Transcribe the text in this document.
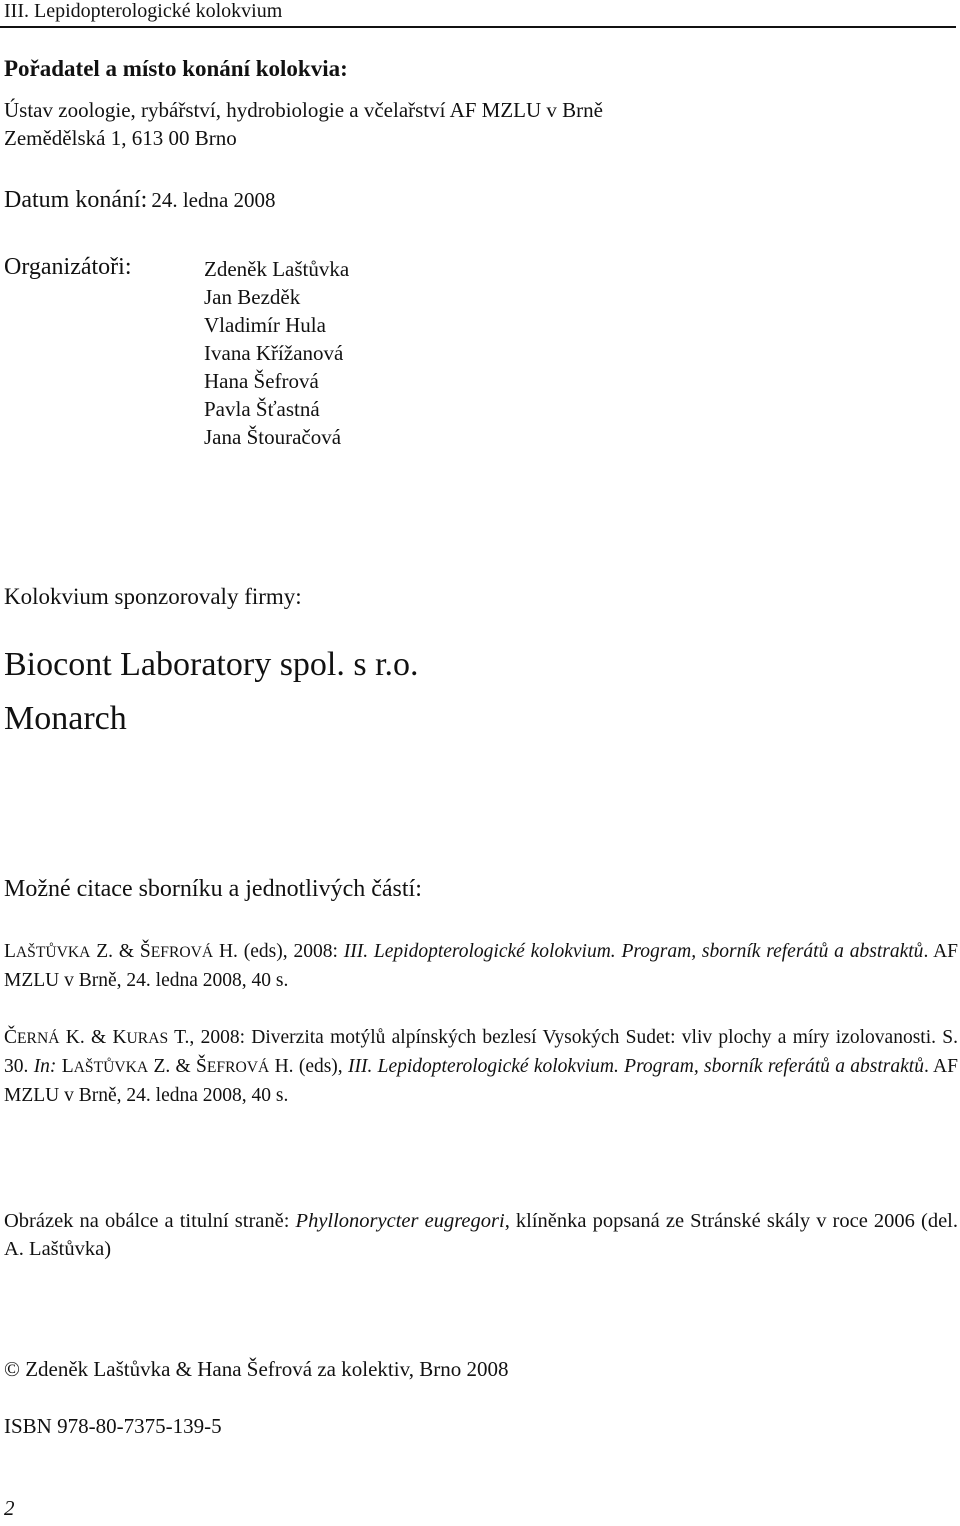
III. Lepidopterologické kolokvium
Pořadatel a místo konání kolokvia:
Ústav zoologie, rybářství, hydrobiologie a včelařství AF MZLU v Brně
Zemědělská 1, 613 00 Brno
Datum konání: 24. ledna 2008
Organizátoři:	Zdeněk Laštůvka
Jan Bezděk
Vladimír Hula
Ivana Křížanová
Hana Šefrová
Pavla Šťastná
Jana Štouračová
Kolokvium sponzorovaly firmy:
Biocont Laboratory spol. s r.o.
Monarch
Možné citace sborníku a jednotlivých částí:
LAŠTŮVKA Z. & ŠEFROVÁ H. (eds), 2008: III. Lepidopterologické kolokvium. Program, sborník referátů a abstraktů. AF MZLU v Brně, 24. ledna 2008, 40 s.
ČERNÁ K. & KURAS T., 2008: Diverzita motýlů alpínských bezlesí Vysokých Sudet: vliv plochy a míry izolovanosti. S. 30. In: LAŠTŮVKA Z. & ŠEFROVÁ H. (eds), III. Lepidopterologické kolokvium. Program, sborník referátů a abstraktů. AF MZLU v Brně, 24. ledna 2008, 40 s.
Obrázek na obálce a titulní straně: Phyllonorycter eugregori, klíněnka popsaná ze Stránské skály v roce 2006 (del. A. Laštůvka)
© Zdeněk Laštůvka & Hana Šefrová za kolektiv, Brno 2008
ISBN 978-80-7375-139-5
2
